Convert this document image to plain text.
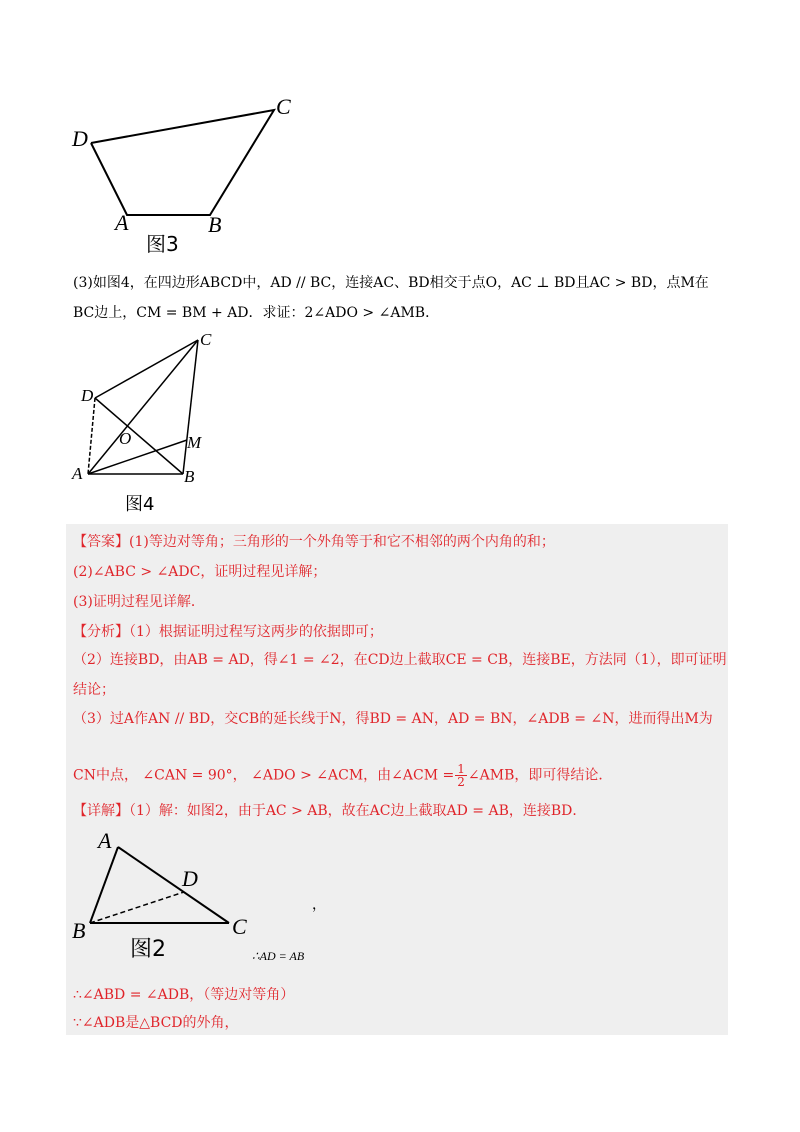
D
C
A	B
图3
(3)如图4，在四边形ABCD中，AD // BC，连接AC、BD相交于点O，AC ⊥ BD且AC > BD，点M在
BC边上，CM = BM + AD．求证：2∠ADO > ∠AMB．
D
C
O	M
A	B
图4
【答案】(1)等边对等角；三角形的一个外角等于和它不相邻的两个内角的和；
(2)∠ABC > ∠ADC，证明过程见详解；
(3)证明过程见详解．
【分析】（1）根据证明过程写这两步的依据即可；
（2）连接BD，由AB = AD，得∠1 = ∠2，在CD边上截取CE = CB，连接BE，方法同（1），即可证明
结论；
（3）过A作AN // BD，交CB的延长线于N，得BD = AN，AD = BN，∠ADB = ∠N，进而得出M为
CN中点， ∠CAN = 90°， ∠ADO > ∠ACM，由∠ACM = $\frac{1}{2}$ ∠AMB，即可得结论．
【详解】（1）解：如图2，由于AC > AB，故在AC边上截取AD = AB，连接BD．
A
D
B	C
图2
，
∴AD = AB
∴∠ABD = ∠ADB，（等边对等角）
∵∠ADB是△BCD的外角，
